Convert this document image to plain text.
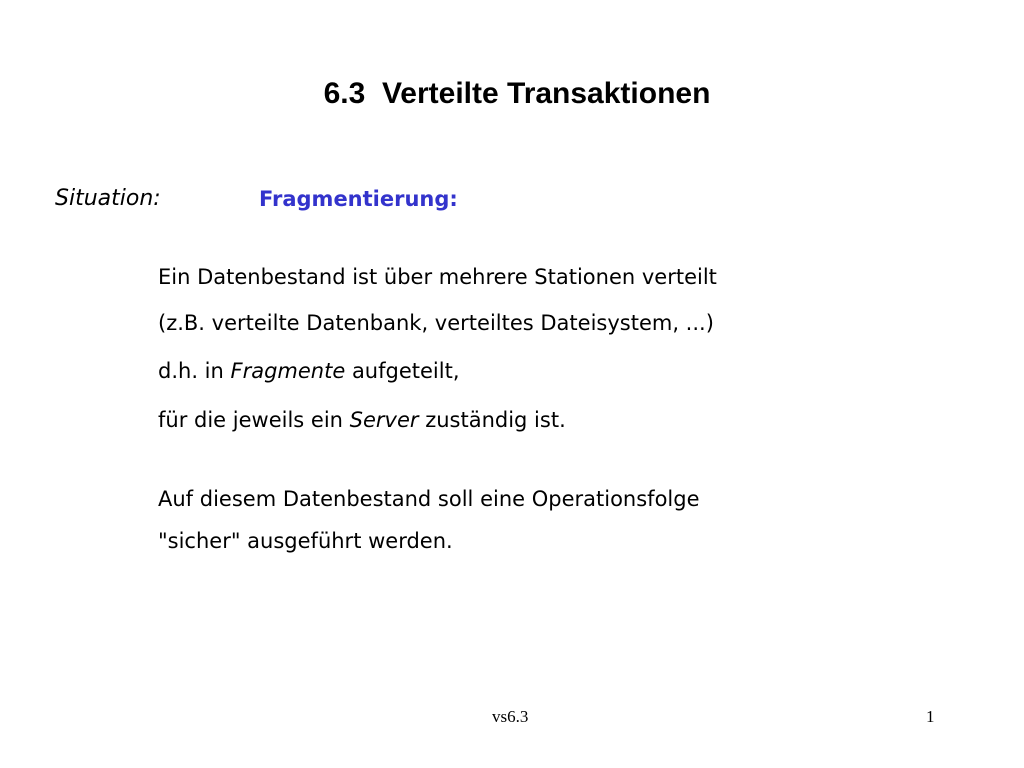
6.3  Verteilte Transaktionen
Situation:	Fragmentierung:
Ein Datenbestand ist über mehrere Stationen verteilt
(z.B. verteilte Datenbank, verteiltes Dateisystem, ...)
d.h. in Fragmente aufgeteilt,
für die jeweils ein Server zuständig ist.
Auf diesem Datenbestand soll eine Operationsfolge
"sicher" ausgeführt werden.
vs6.3	1
